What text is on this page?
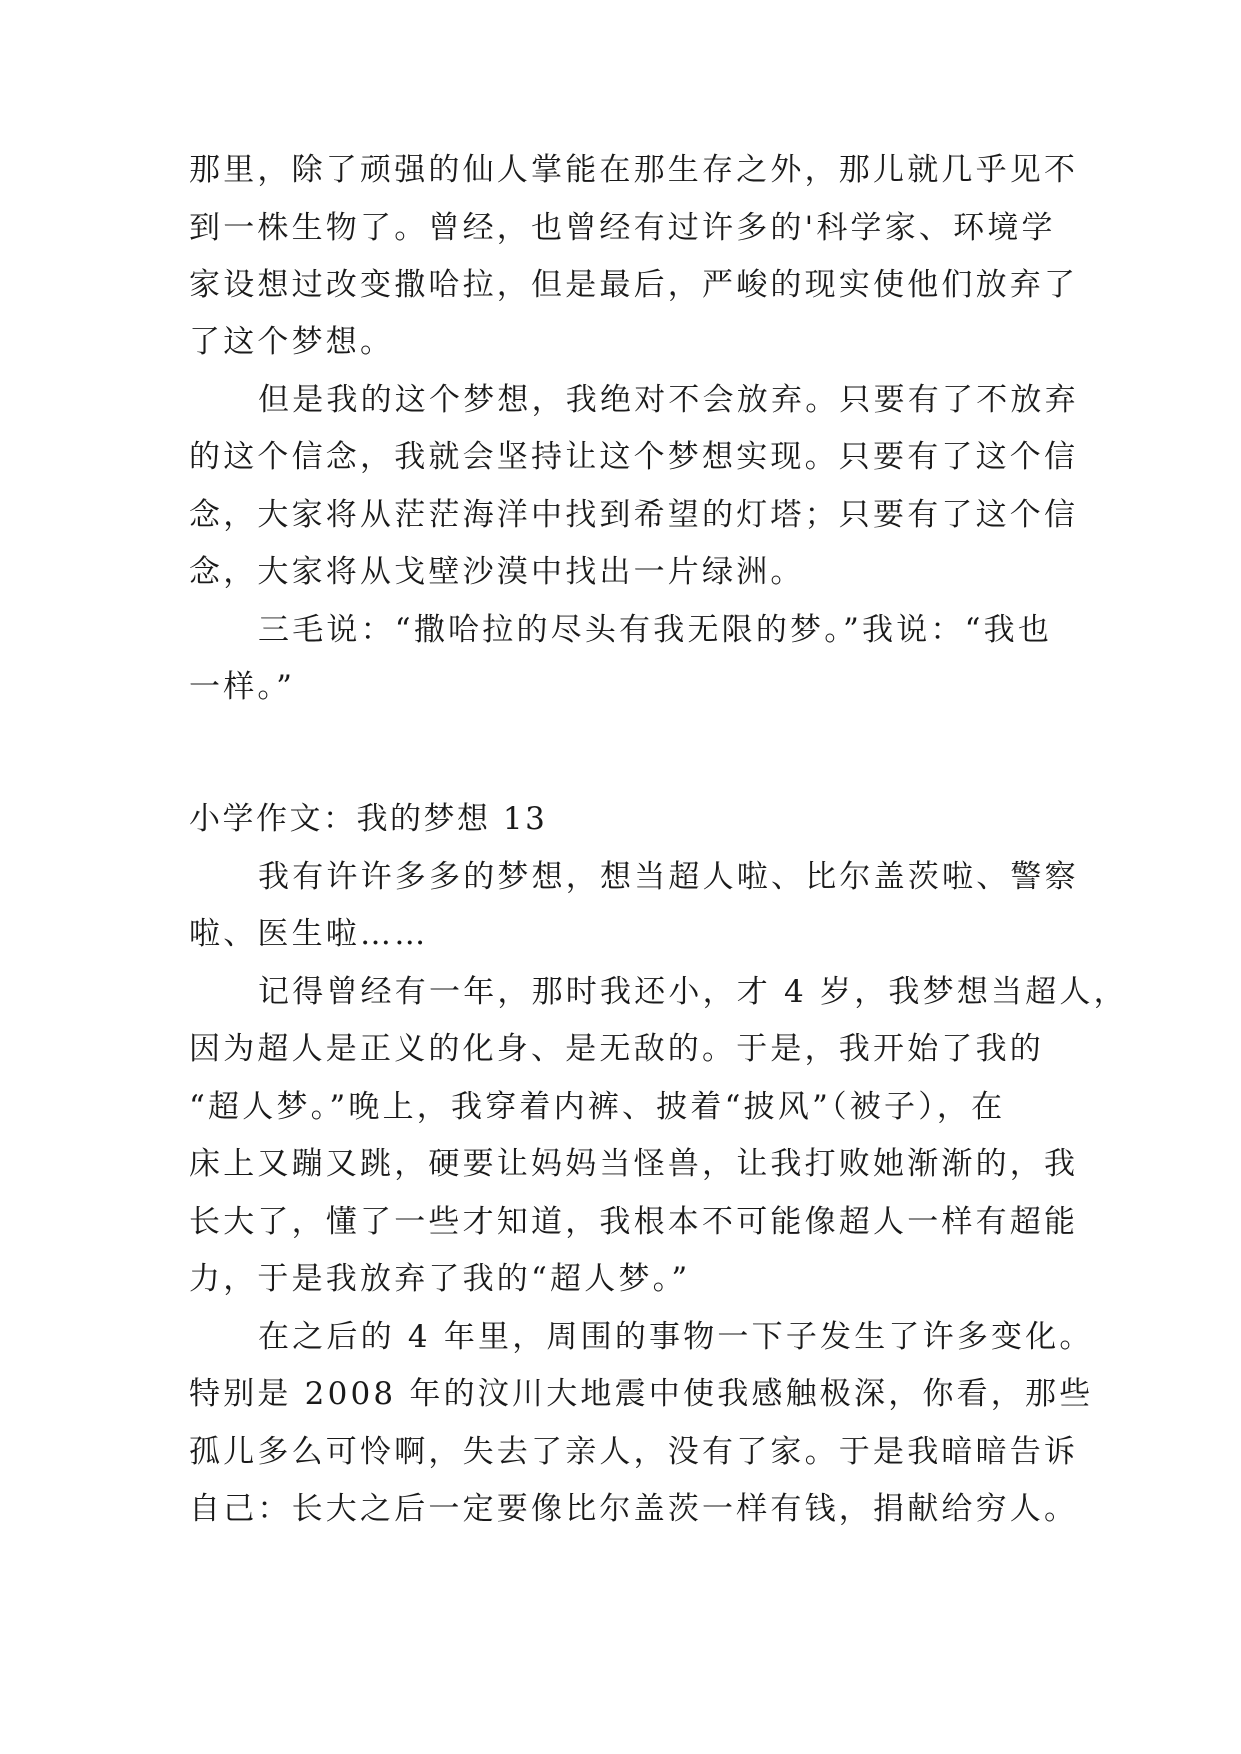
那里，除了顽强的仙人掌能在那生存之外，那儿就几乎见不
到一株生物了。曾经，也曾经有过许多的'科学家、环境学
家设想过改变撒哈拉，但是最后，严峻的现实使他们放弃了
了这个梦想。
但是我的这个梦想，我绝对不会放弃。只要有了不放弃
的这个信念，我就会坚持让这个梦想实现。只要有了这个信
念，大家将从茫茫海洋中找到希望的灯塔；只要有了这个信
念，大家将从戈壁沙漠中找出一片绿洲。
三毛说：“撒哈拉的尽头有我无限的梦。”我说：“我也
一样。”
小学作文：我的梦想 13
我有许许多多的梦想，想当超人啦、比尔盖茨啦、警察
啦、医生啦……
记得曾经有一年，那时我还小，才 4 岁，我梦想当超人，
因为超人是正义的化身、是无敌的。于是，我开始了我的
“超人梦。”晚上，我穿着内裤、披着“披风”（被子），在
床上又蹦又跳，硬要让妈妈当怪兽，让我打败她渐渐的，我
长大了，懂了一些才知道，我根本不可能像超人一样有超能
力，于是我放弃了我的“超人梦。”
在之后的 4 年里，周围的事物一下子发生了许多变化。
特别是 2008 年的汶川大地震中使我感触极深，你看，那些
孤儿多么可怜啊，失去了亲人，没有了家。于是我暗暗告诉
自己：长大之后一定要像比尔盖茨一样有钱，捐献给穷人。
